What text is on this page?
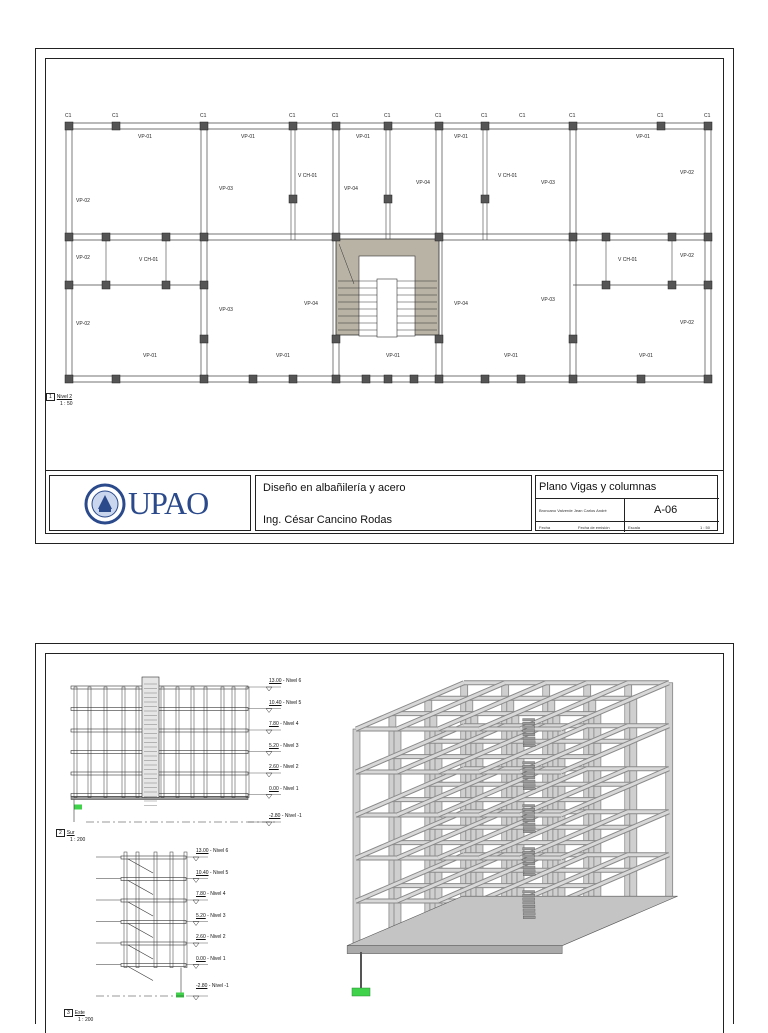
C1	C1	C1	C1	C1	C1	C1	C1	C1	C1	C1	C1
VP-01	VP-01	VP-01	VP-01	VP-01
VP-02
VP-03
V CH-01
VP-04
VP-04
V CH-01
VP-03
VP-02
VP-02	V CH-01	V CH-01
VP-02
VP-02
VP-03
VP-04	VP-04
VP-03
VP-02
VP-01	VP-01	VP-01	VP-01	VP-01
1 Nivel 2
1 : 50
UPAO	Diseño en albañilería y acero
Ing. César Cancino Rodas
Plano Vigas y columnas
Broncano Valverde Jean Carlos André	A-06
Fecha	Fecha de emisión	Escala	1 : 50
13.00 - Nivel 6
10.40 - Nivel 5
7.80 - Nivel 4
5.20 - Nivel 3
2.60 - Nivel 2
0.00 - Nivel 1
-2.80 - Nivel -1
13.00 - Nivel 6
10.40 - Nivel 5
7.80 - Nivel 4
5.20 - Nivel 3
2.60 - Nivel 2
0.00 - Nivel 1
-2.80 - Nivel -1
2 Sur
1 : 200
3 Este
1 : 200
